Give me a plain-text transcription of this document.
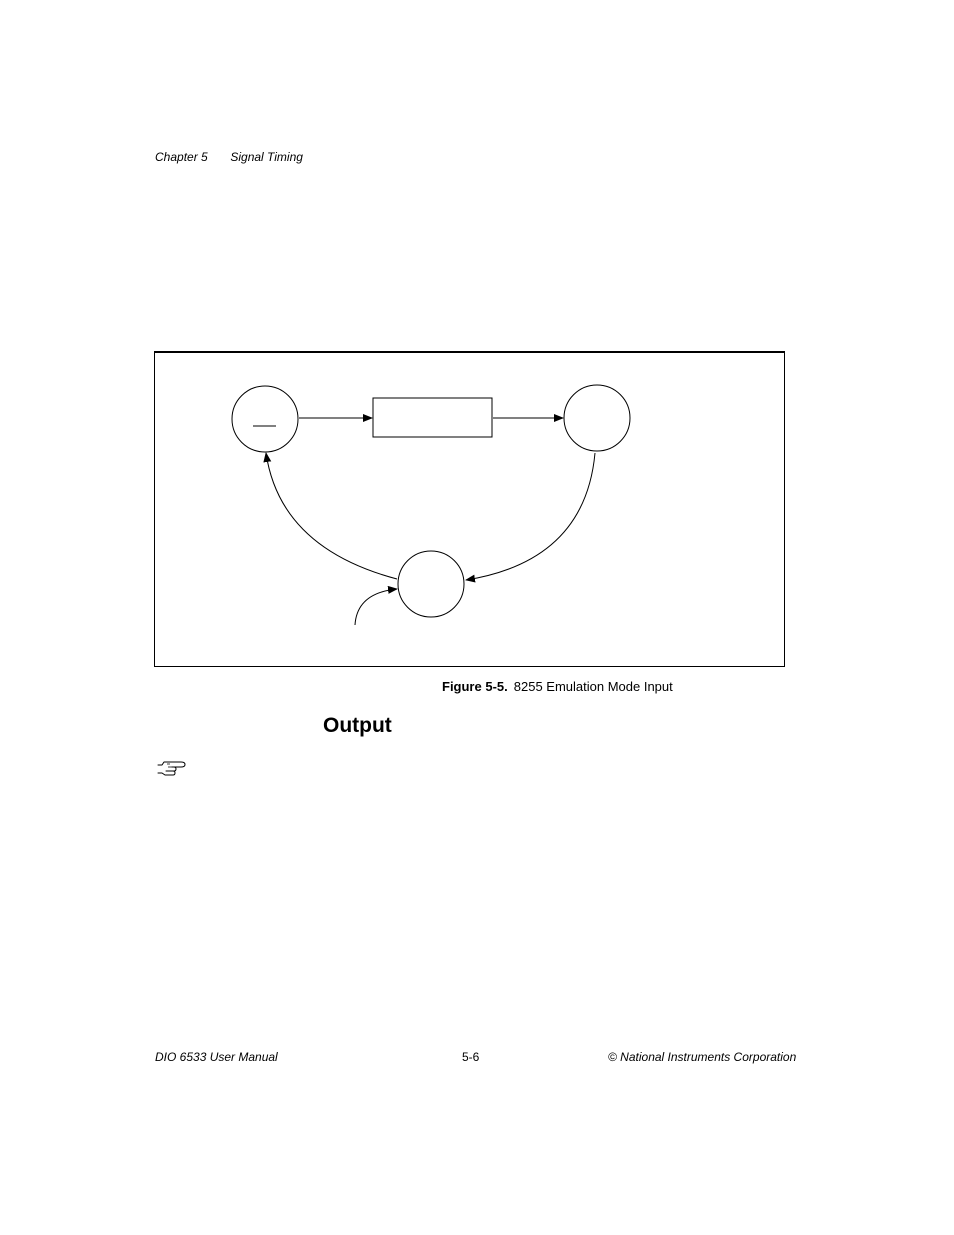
Chapter 5 Signal Timing
Figure 5-5. 8255 Emulation Mode Input
Output
DIO 6533 User Manual	5-6	© National Instruments Corporation
